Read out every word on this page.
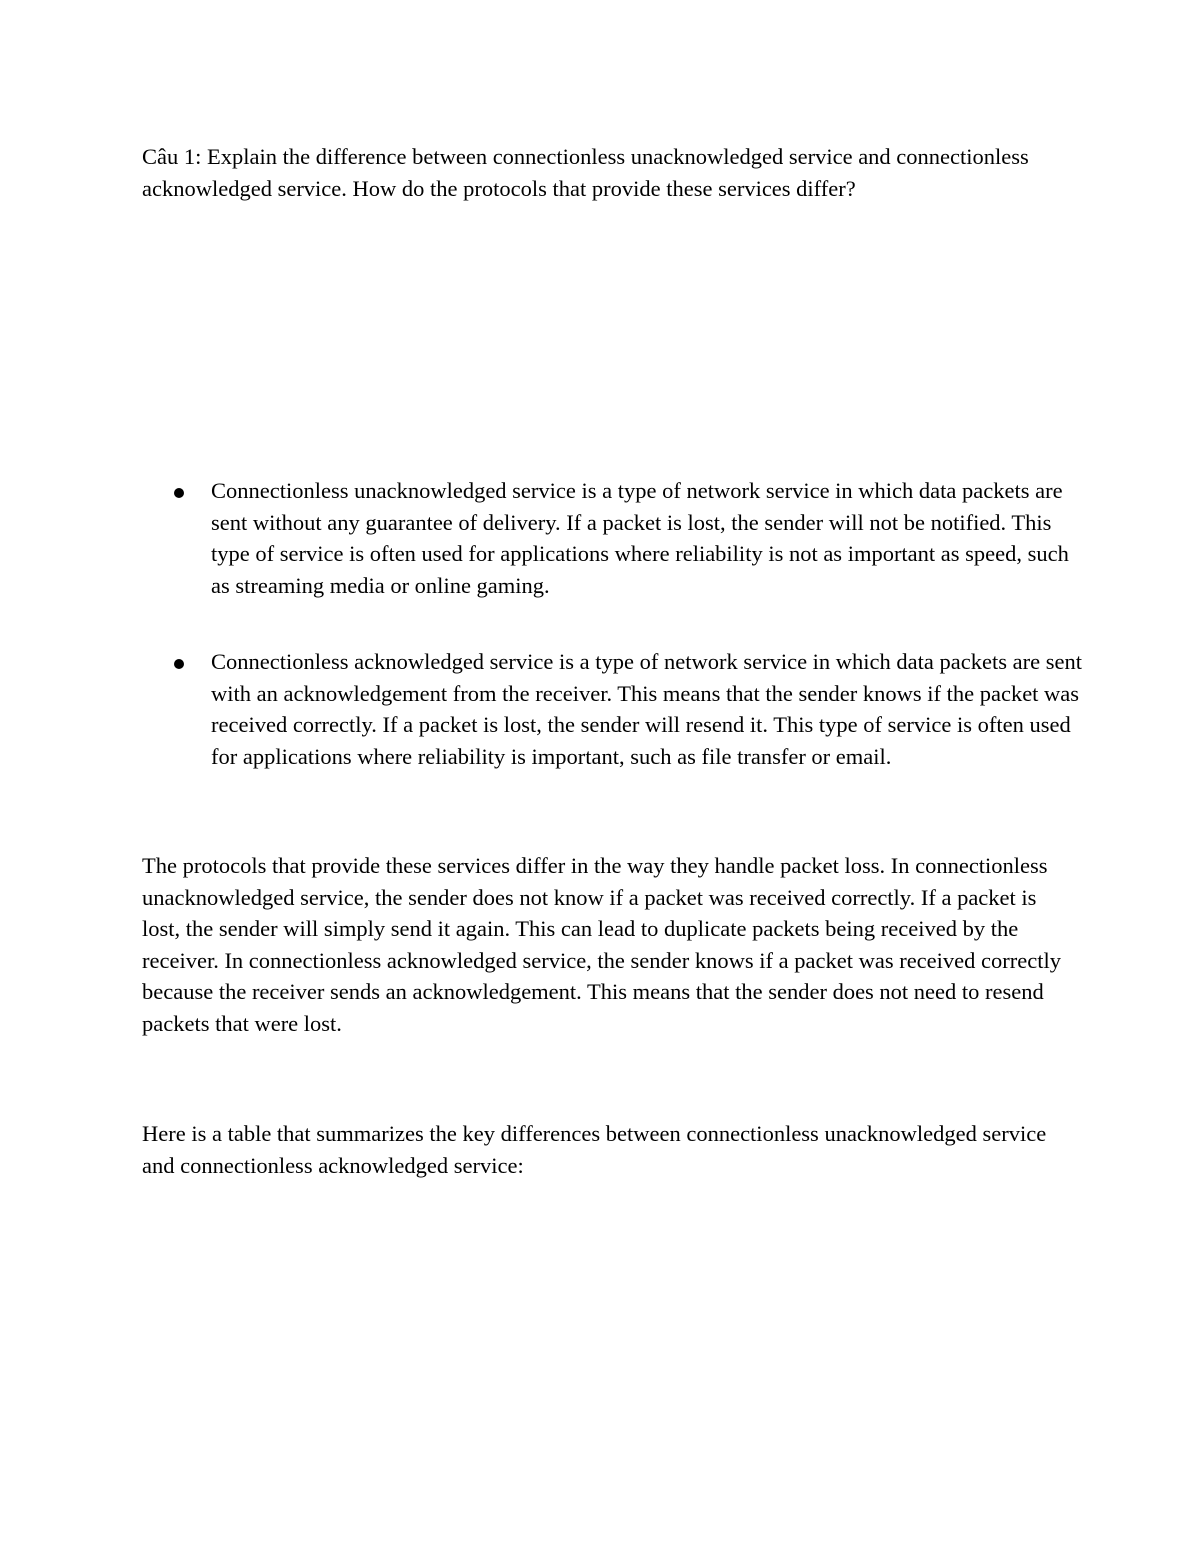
Câu 1: Explain the difference between connectionless unacknowledged service and connectionless acknowledged service. How do the protocols that provide these services differ?

Connectionless unacknowledged service is a type of network service in which data packets are sent without any guarantee of delivery. If a packet is lost, the sender will not be notified. This type of service is often used for applications where reliability is not as important as speed, such as streaming media or online gaming.
Connectionless acknowledged service is a type of network service in which data packets are sent with an acknowledgement from the receiver. This means that the sender knows if the packet was received correctly. If a packet is lost, the sender will resend it. This type of service is often used for applications where reliability is important, such as file transfer or email.

The protocols that provide these services differ in the way they handle packet loss. In connectionless unacknowledged service, the sender does not know if a packet was received correctly. If a packet is lost, the sender will simply send it again. This can lead to duplicate packets being received by the receiver. In connectionless acknowledged service, the sender knows if a packet was received correctly because the receiver sends an acknowledgement. This means that the sender does not need to resend packets that were lost.

Here is a table that summarizes the key differences between connectionless unacknowledged service and connectionless acknowledged service:
